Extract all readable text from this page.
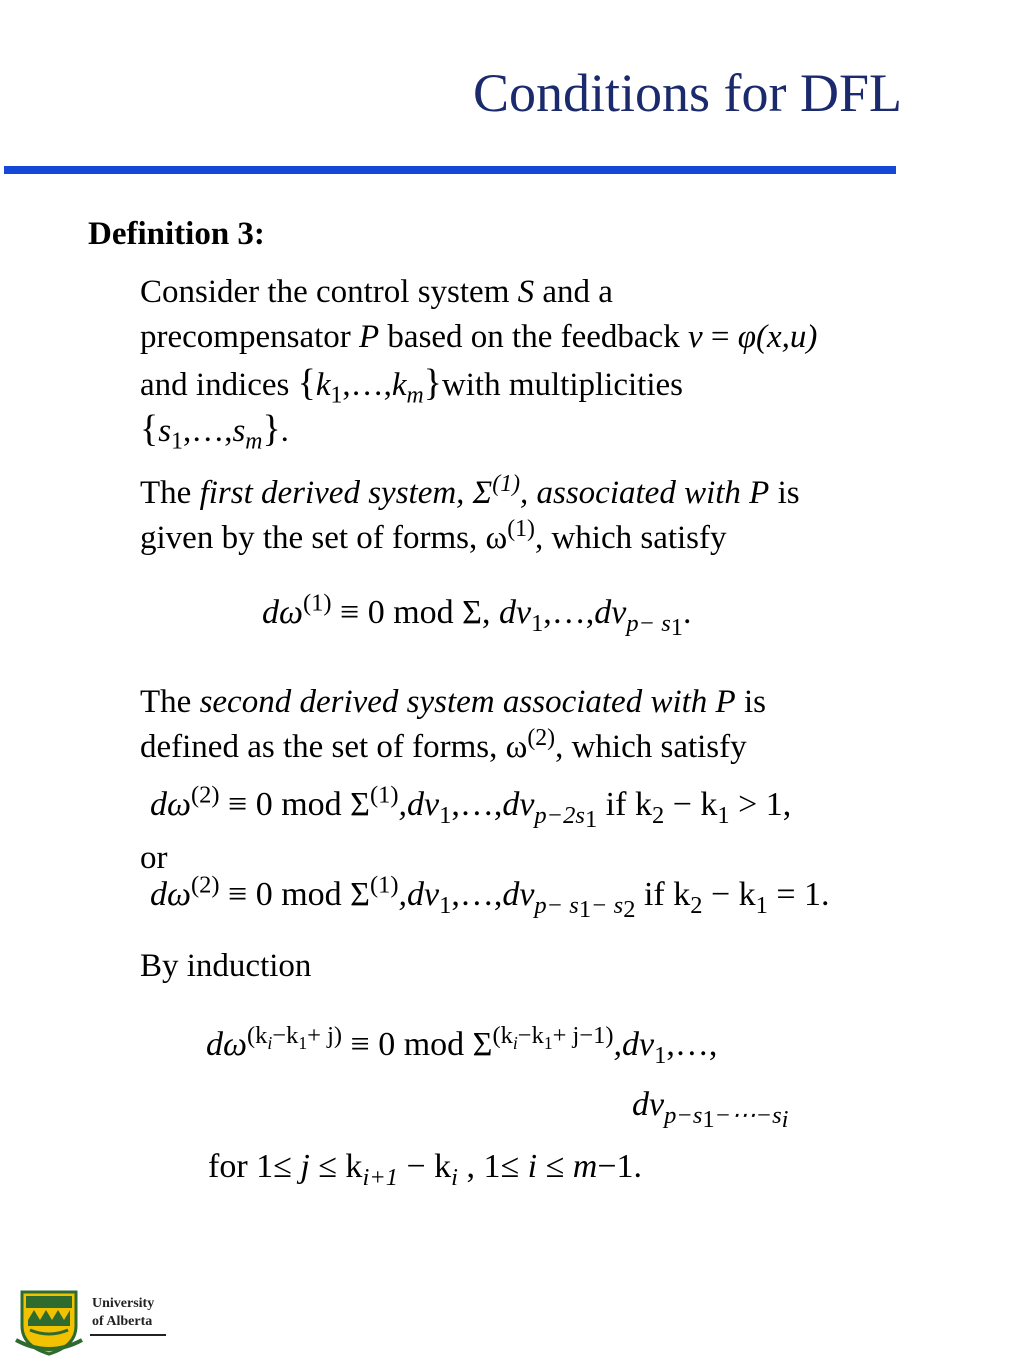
Conditions for DFL
Definition 3:
Consider the control system S and a
precompensator P based on the feedback v = φ(x,u)
and indices $\{k_1,\dots,k_m\}with$ multiplicities
$\{s_1,\dots,s_m\}$.
The first derived system, $\Sigma^{(1)}$, associated with P is
given by the set of forms, $\omega^{(1)}$, which satisfy
$d\omega^{(1)} \equiv 0$ mod Σ, $dv_1,\dots,dv_{p- s1}$.
The second derived system associated with P is
defined as the set of forms, $\omega^{(2)}$, which satisfy
$d\omega^{(2)} \equiv 0$ mod $\Sigma^{(1)},dv_1,\dots,dv_{p-2s1}$ if $k_2 - k_1 > 1$,
or
$d\omega^{(2)} \equiv 0$ mod $\Sigma^{(1)},dv_1,\dots,dv_{p- s1- s2}$ if $k_2 - k_1 = 1$.
By induction
$d\omega^{(k_i-k_1+ j)} \equiv 0$ mod $\Sigma^{(k_i-k_1+ j-1)},dv_1,\dots$,
$dv_{p-s1-\cdots-si}$
for $1\le j \le k_{i+1} - k_i$ , 1≤ i ≤ m−1.
University
of Alberta
